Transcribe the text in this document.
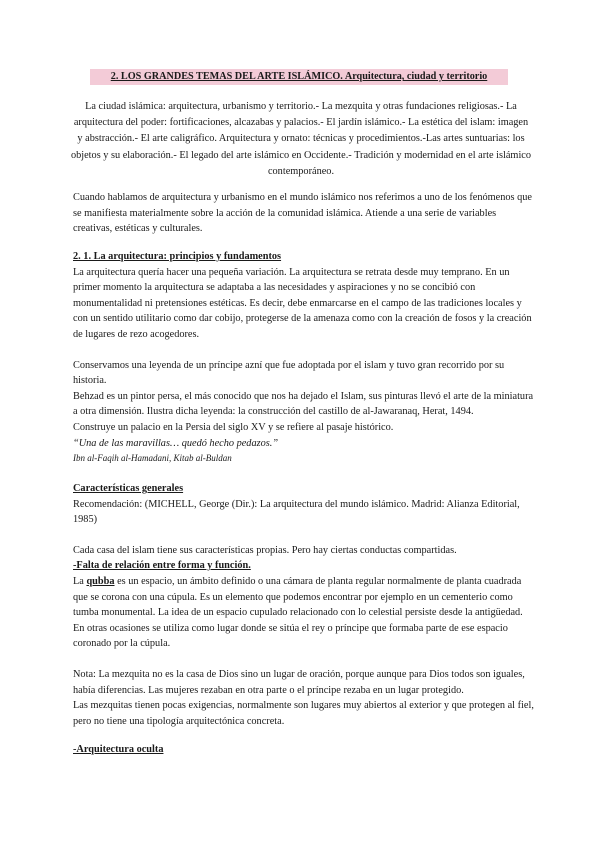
2. LOS GRANDES TEMAS DEL ARTE ISLÁMICO. Arquitectura, ciudad y territorio

La ciudad islámica: arquitectura, urbanismo y territorio.- La mezquita y otras fundaciones religiosas.- La arquitectura del poder: fortificaciones, alcazabas y palacios.- El jardín islámico.- La estética del islam: imagen y abstracción.- El arte caligráfico. Arquitectura y ornato: técnicas y procedimientos.-Las artes suntuarias: los objetos y su elaboración.- El legado del arte islámico en Occidente.- Tradición y modernidad en el arte islámico contemporáneo.

Cuando hablamos de arquitectura y urbanismo en el mundo islámico nos referimos a uno de los fenómenos que se manifiesta materialmente sobre la acción de la comunidad islámica. Atiende a una serie de variables creativas, estéticas y culturales.

2. 1. La arquitectura: principios y fundamentos

La arquitectura quería hacer una pequeña variación. La arquitectura se retrata desde muy temprano. En un primer momento la arquitectura se adaptaba a las necesidades y aspiraciones y no se concibió con monumentalidad ni pretensiones estéticas. Es decir, debe enmarcarse en el campo de las tradiciones locales y con un sentido utilitario como dar cobijo, protegerse de la amenaza como con la creación de fosos y la creación de lugares de rezo acogedores.

Conservamos una leyenda de un príncipe azní que fue adoptada por el islam y tuvo gran recorrido por su historia.

Behzad es un pintor persa, el más conocido que nos ha dejado el Islam, sus pinturas llevó el arte de la miniatura a otra dimensión. Ilustra dicha leyenda: la construcción del castillo de al-Jawaranaq, Herat, 1494.

Construye un palacio en la Persia del siglo XV y se refiere al pasaje histórico.

“Una de las maravillas… quedó hecho pedazos.”

Ibn al-Faqih al-Hamadani, Kitab al-Buldan

Características generales

Recomendación: (MICHELL, George (Dir.): La arquitectura del mundo islámico. Madrid: Alianza Editorial, 1985)

Cada casa del islam tiene sus características propias. Pero hay ciertas conductas compartidas.

-Falta de relación entre forma y función.

La qubba es un espacio, un ámbito definido o una cámara de planta regular normalmente de planta cuadrada que se corona con una cúpula. Es un elemento que podemos encontrar por ejemplo en un cementerio como tumba monumental. La idea de un espacio cupulado relacionado con lo celestial persiste desde la antigüedad. En otras ocasiones se utiliza como lugar donde se sitúa el rey o príncipe que formaba parte de ese espacio coronado por la cúpula.

Nota: La mezquita no es la casa de Dios sino un lugar de oración, porque aunque para Dios todos son iguales, había diferencias. Las mujeres rezaban en otra parte o el príncipe rezaba en un lugar protegido.

Las mezquitas tienen pocas exigencias, normalmente son lugares muy abiertos al exterior y que protegen al fiel, pero no tiene una tipología arquitectónica concreta.

-Arquitectura oculta
